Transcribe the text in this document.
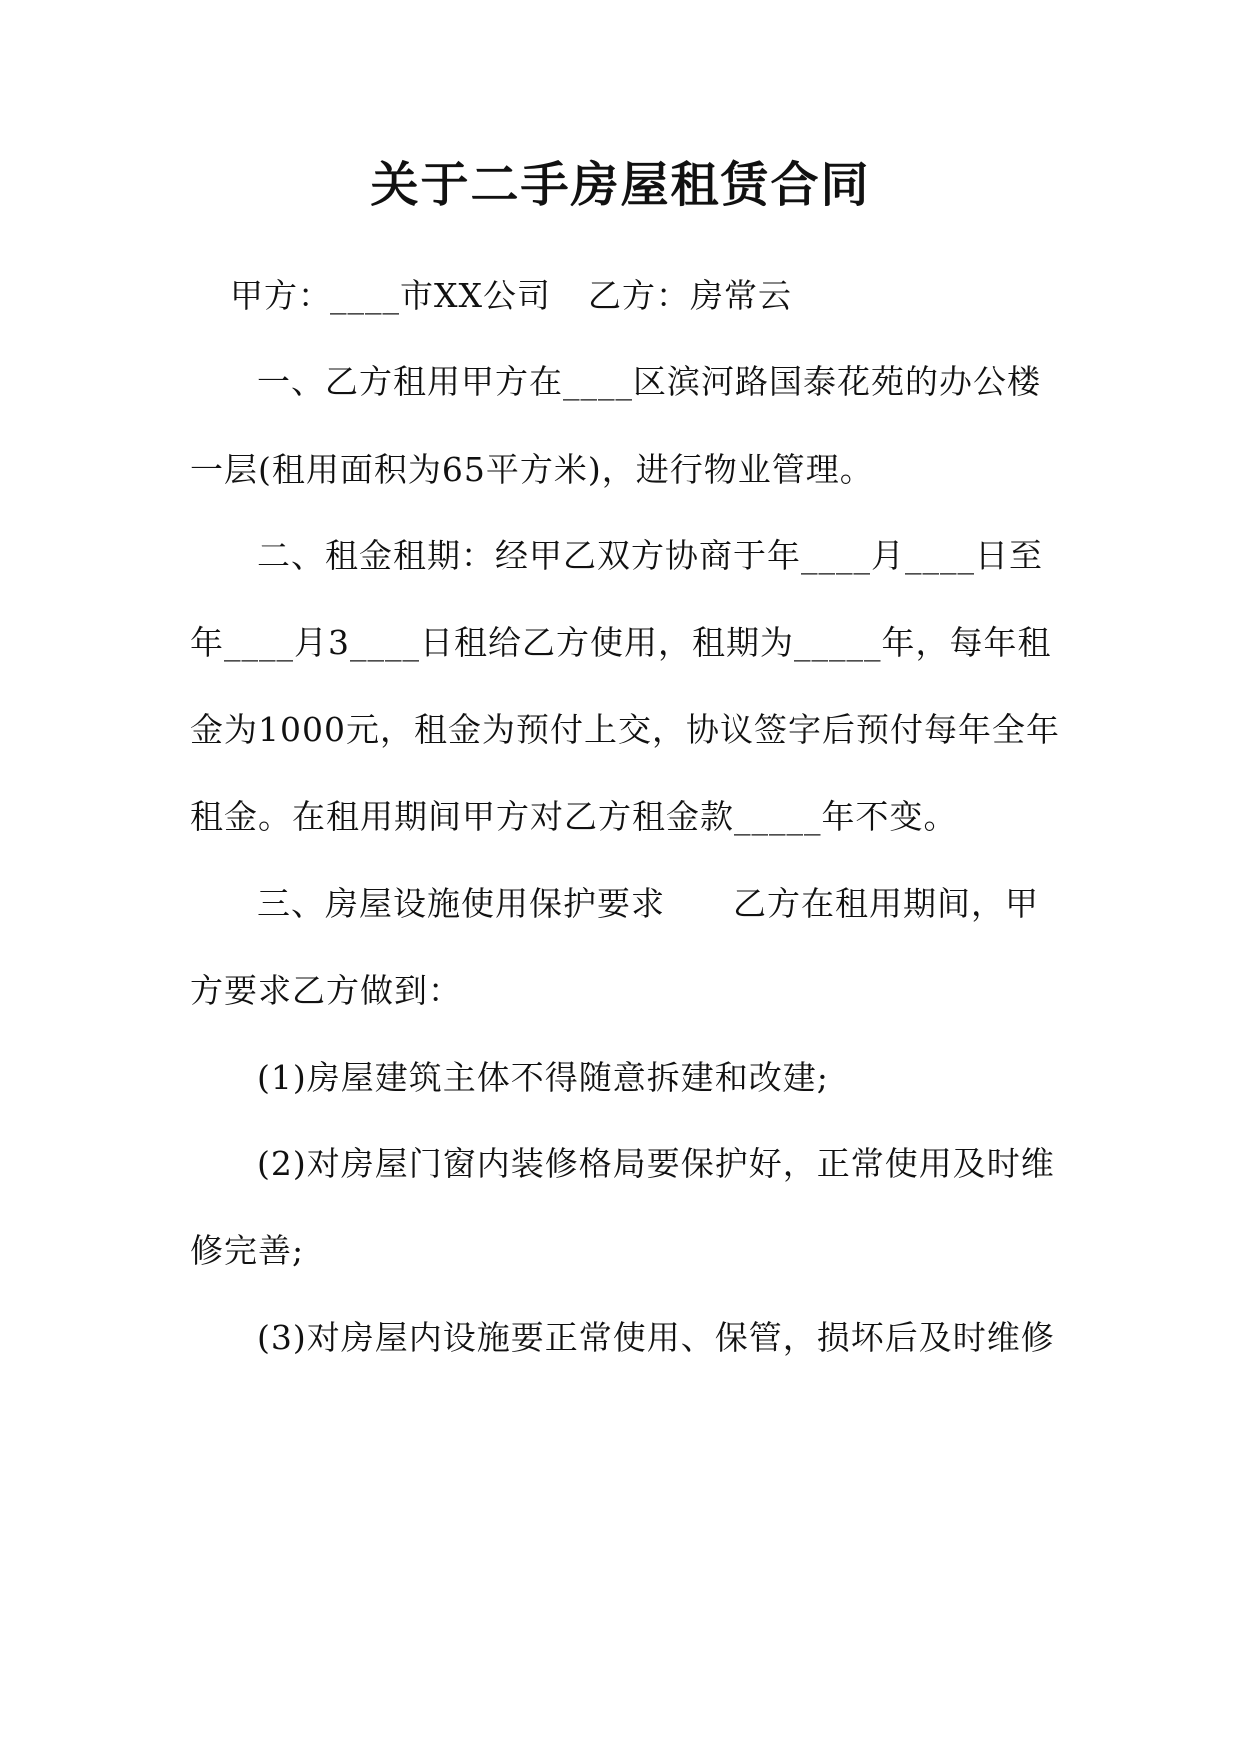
关于二手房屋租赁合同
甲方：
____市XX公司 乙方： 房常云
一、乙方租用甲方在____区滨河路国泰花苑的办公楼
一层(租用面积为65平方米)，进行物业管理。
二、租金租期：经甲乙双方协商于年____月____日至
年____月3____日租给乙方使用，租期为_____年，每年租
金为1000元，租金为预付上交，协议签字后预付每年全年
租金。在租用期间甲方对乙方租金款_____年不变。
三、房屋设施使用保护要求　　乙方在租用期间，甲
方要求乙方做到：
(1)房屋建筑主体不得随意拆建和改建;
(2)对房屋门窗内装修格局要保护好，正常使用及时维
修完善;
(3)对房屋内设施要正常使用、保管，损坏后及时维修
